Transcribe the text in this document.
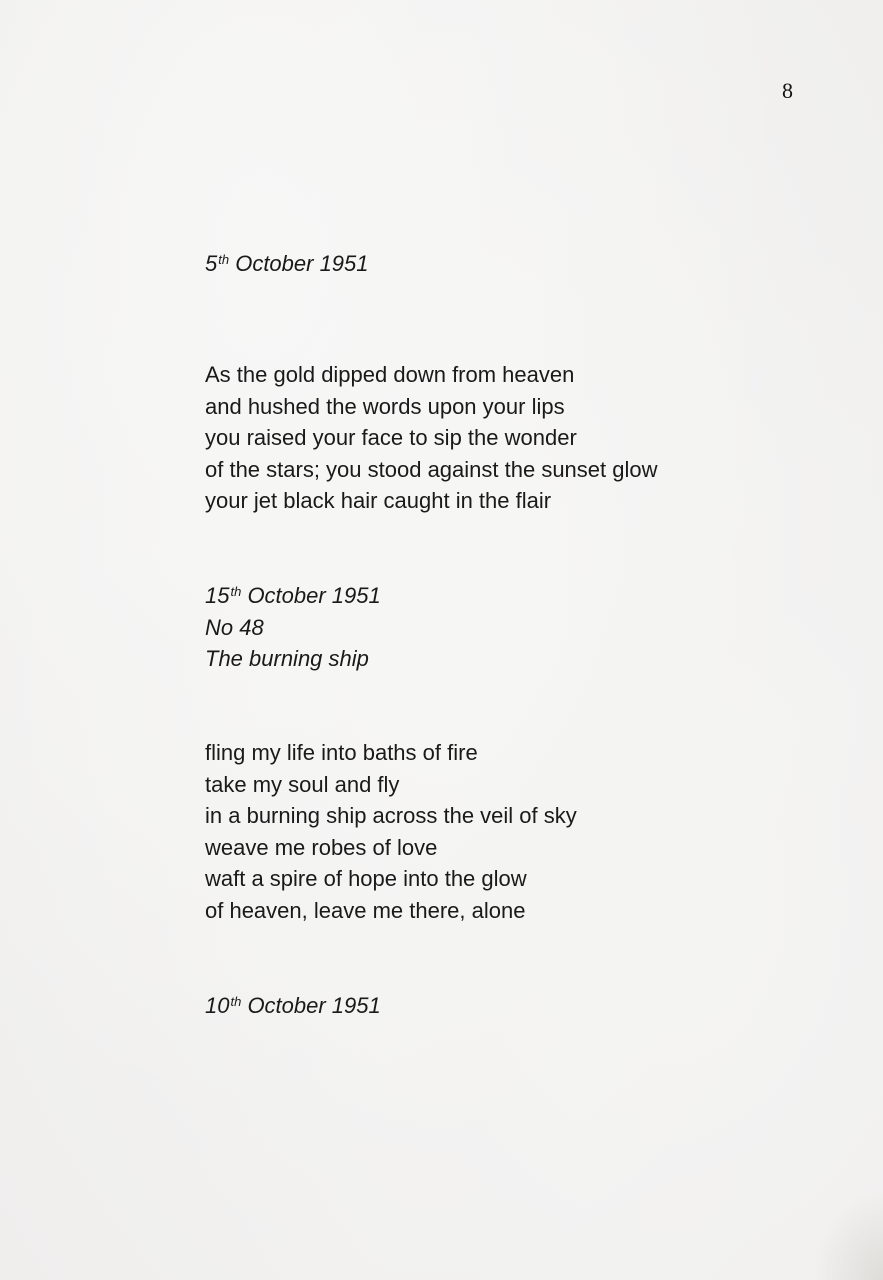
8
5th October 1951
As the gold dipped down from heaven
and hushed the words upon your lips
you raised your face to sip the wonder
of the stars; you stood against the sunset glow
your jet black hair caught in the flair
15th October 1951
No 48
The burning ship
fling my life into baths of fire
take my soul and fly
in a burning ship across the veil of sky
weave me robes of love
waft a spire of hope into the glow
of heaven, leave me there, alone
10th October 1951
